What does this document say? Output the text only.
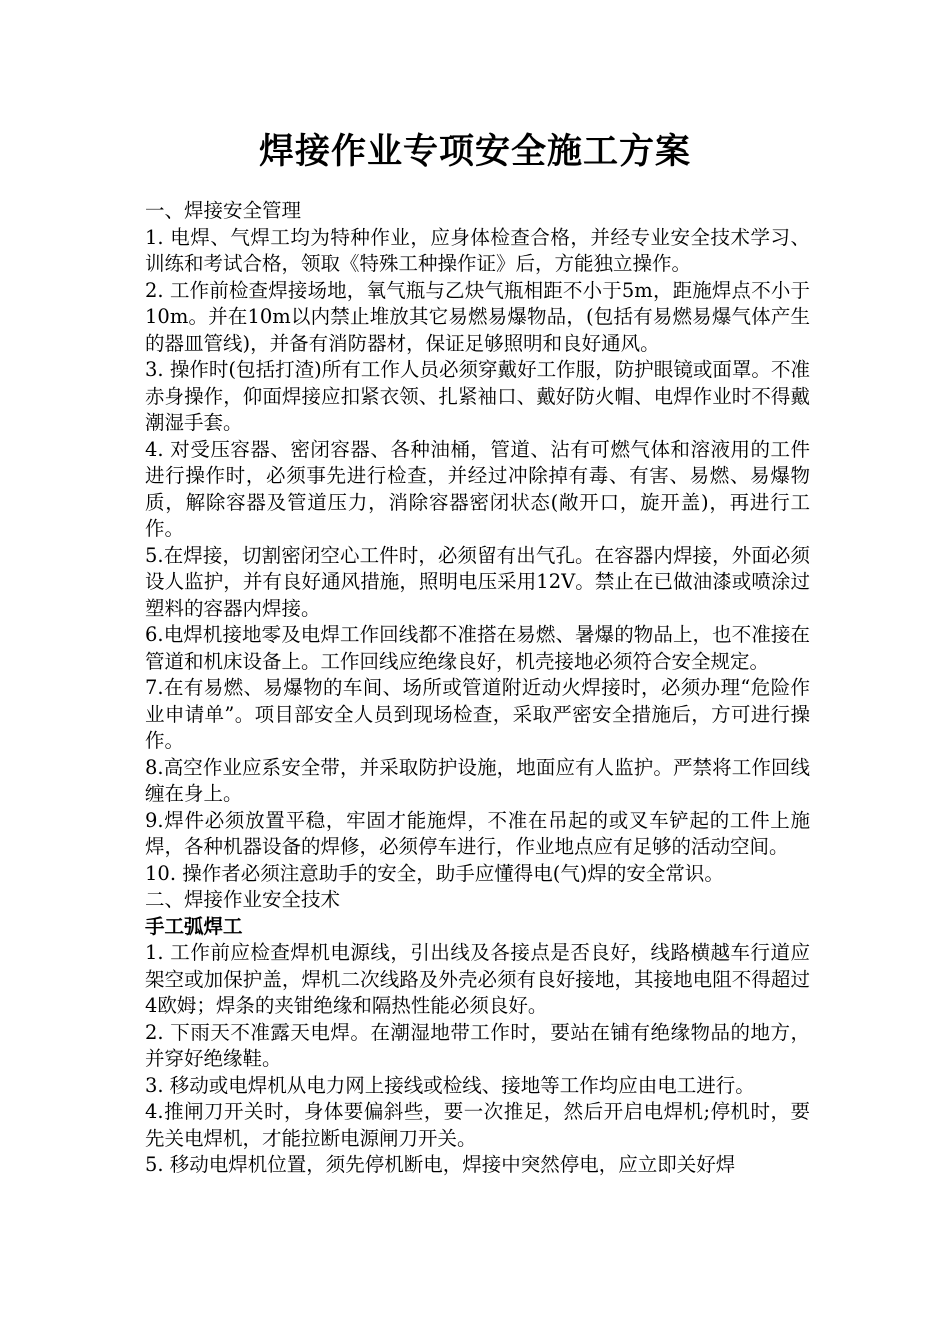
焊接作业专项安全施工方案

一、焊接安全管理

1. 电焊、气焊工均为特种作业，应身体检查合格，并经专业安全技术学习、训练和考试合格，领取《特殊工种操作证》后，方能独立操作。

2. 工作前检查焊接场地，氧气瓶与乙炔气瓶相距不小于5m，距施焊点不小于10m。并在10m以内禁止堆放其它易燃易爆物品，(包括有易燃易爆气体产生的器皿管线)，并备有消防器材，保证足够照明和良好通风。

3. 操作时(包括打渣)所有工作人员必须穿戴好工作服，防护眼镜或面罩。不准赤身操作，仰面焊接应扣紧衣领、扎紧袖口、戴好防火帽、电焊作业时不得戴潮湿手套。

4. 对受压容器、密闭容器、各种油桶，管道、沾有可燃气体和溶液用的工件进行操作时，必须事先进行检查，并经过冲除掉有毒、有害、易燃、易爆物质，解除容器及管道压力，消除容器密闭状态(敞开口，旋开盖)，再进行工作。

5.在焊接，切割密闭空心工件时，必须留有出气孔。在容器内焊接，外面必须设人监护，并有良好通风措施，照明电压采用12V。禁止在已做油漆或喷涂过塑料的容器内焊接。

6.电焊机接地零及电焊工作回线都不准搭在易燃、暑爆的物品上，也不准接在管道和机床设备上。工作回线应绝缘良好，机壳接地必须符合安全规定。

7.在有易燃、易爆物的车间、场所或管道附近动火焊接时，必须办理“危险作业申请单”。项目部安全人员到现场检查，采取严密安全措施后，方可进行操作。

8.高空作业应系安全带，并采取防护设施，地面应有人监护。严禁将工作回线缠在身上。

9.焊件必须放置平稳，牢固才能施焊，不准在吊起的或叉车铲起的工件上施焊，各种机器设备的焊修，必须停车进行，作业地点应有足够的活动空间。

10. 操作者必须注意助手的安全，助手应懂得电(气)焊的安全常识。

二、焊接作业安全技术

手工弧焊工

1. 工作前应检查焊机电源线，引出线及各接点是否良好，线路横越车行道应架空或加保护盖，焊机二次线路及外壳必须有良好接地，其接地电阻不得超过4欧姆；焊条的夹钳绝缘和隔热性能必须良好。

2. 下雨天不准露天电焊。在潮湿地带工作时，要站在铺有绝缘物品的地方，并穿好绝缘鞋。

3. 移动或电焊机从电力网上接线或检线、接地等工作均应由电工进行。

4.推闸刀开关时，身体要偏斜些，要一次推足，然后开启电焊机;停机时，要先关电焊机，才能拉断电源闸刀开关。

5. 移动电焊机位置，须先停机断电，焊接中突然停电，应立即关好焊
